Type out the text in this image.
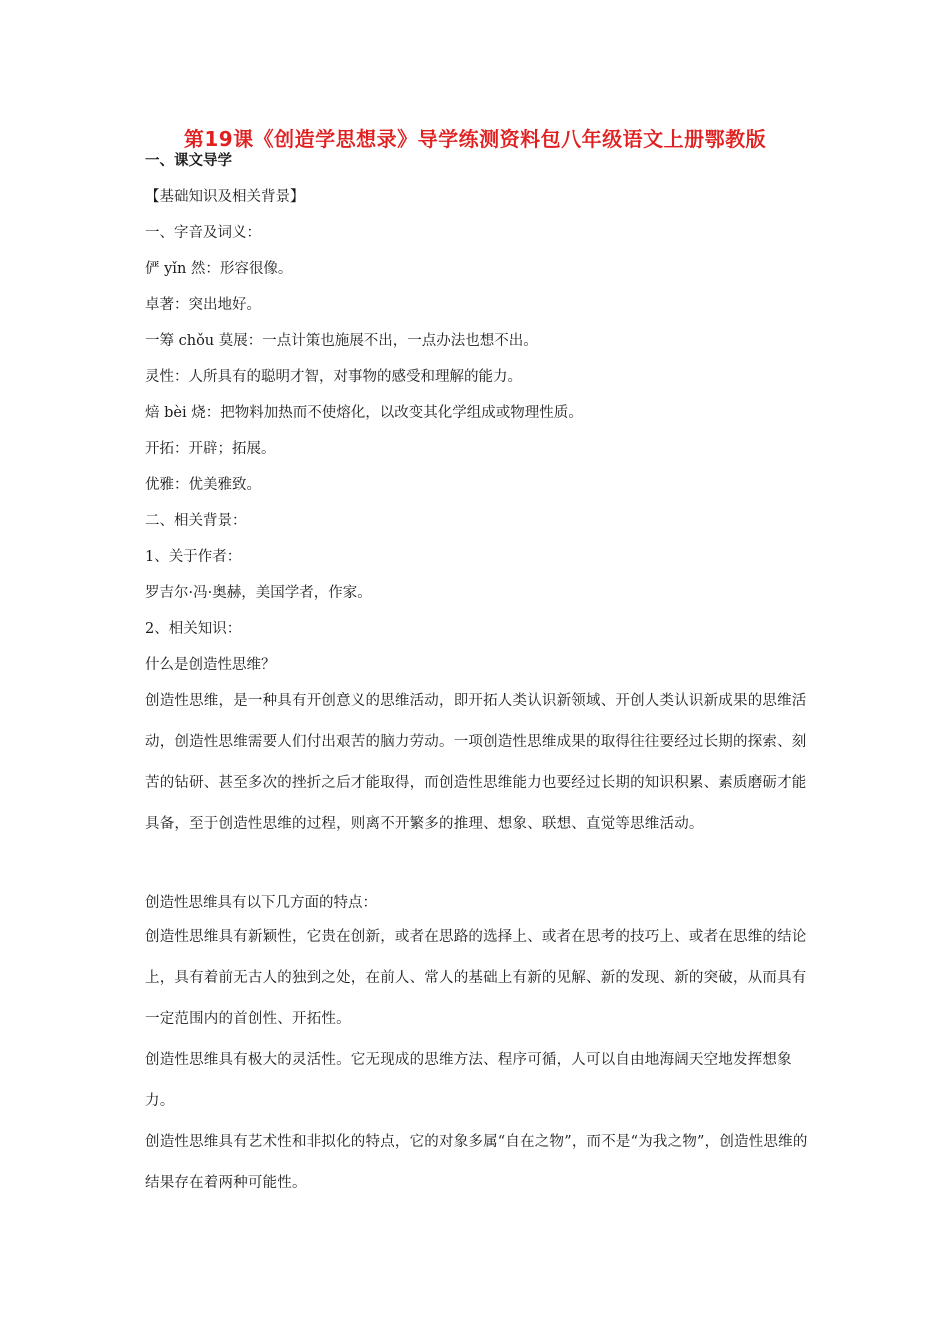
第19课《创造学思想录》导学练测资料包八年级语文上册鄂教版
一、课文导学
【基础知识及相关背景】
一、字音及词义：
俨 yǐn 然：形容很像。
卓著：突出地好。
一筹 chǒu 莫展：一点计策也施展不出，一点办法也想不出。
灵性：人所具有的聪明才智，对事物的感受和理解的能力。
焙 bèi 烧：把物料加热而不使熔化，以改变其化学组成或物理性质。
开拓：开辟；拓展。
优雅：优美雅致。
二、相关背景：
1、关于作者：
罗吉尔·冯·奥赫，美国学者，作家。
2、相关知识：
什么是创造性思维？
创造性思维，是一种具有开创意义的思维活动，即开拓人类认识新领域、开创人类认识新成果的思维活动，创造性思维需要人们付出艰苦的脑力劳动。一项创造性思维成果的取得往往要经过长期的探索、刻苦的钻研、甚至多次的挫折之后才能取得，而创造性思维能力也要经过长期的知识积累、素质磨砺才能具备，至于创造性思维的过程，则离不开繁多的推理、想象、联想、直觉等思维活动。
创造性思维具有以下几方面的特点：
创造性思维具有新颖性，它贵在创新，或者在思路的选择上、或者在思考的技巧上、或者在思维的结论上，具有着前无古人的独到之处，在前人、常人的基础上有新的见解、新的发现、新的突破，从而具有一定范围内的首创性、开拓性。
创造性思维具有极大的灵活性。它无现成的思维方法、程序可循，人可以自由地海阔天空地发挥想象力。
创造性思维具有艺术性和非拟化的特点，它的对象多属“自在之物”，而不是“为我之物”，创造性思维的结果存在着两种可能性。
